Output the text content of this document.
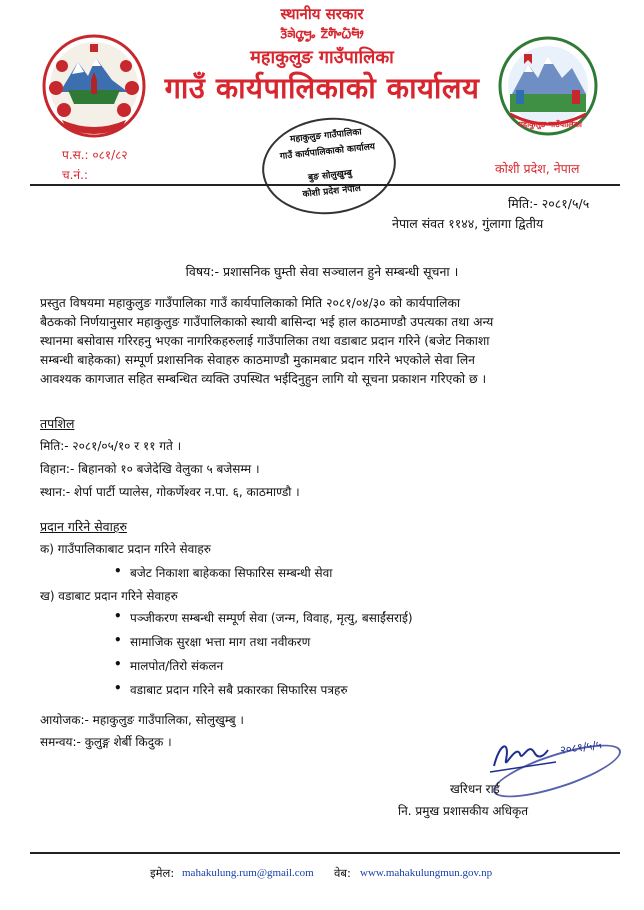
स्थानीय सरकार
ᤋᤠᤈᤧᤂᤢᤗᤢᤱ ᤁᤠᤛᤠᤴᤐᤠᤗᤥ
महाकुलुङ गाउँपालिका
गाउँ कार्यपालिकाको कार्यालय
महाकुलुङ गाउँपालिका
प.स.: ०८१/८२
च.नं.:	कोशी प्रदेश, नेपाल
महाकुलुङ गाउँपालिका
गाउँ कार्यपालिकाको कार्यालय
बुङ सोलुखुम्बु
कोशी प्रदेश नेपाल
मिति:- २०८१/५/५
नेपाल संवत ११४४, गुंलागा द्वितीय
विषय:- प्रशासनिक घुम्ती सेवा सञ्चालन हुने सम्बन्धी सूचना ।
प्रस्तुत विषयमा महाकुलुङ गाउँपालिका गाउँ कार्यपालिकाको मिति २०८१/०४/३० को कार्यपालिका
बैठकको निर्णयानुसार महाकुलुङ गाउँपालिकाको स्थायी बासिन्दा भई हाल काठमाण्डौ उपत्यका तथा अन्य
स्थानमा बसोवास गरिरहनु भएका नागरिकहरुलाई गाउँपालिका तथा वडाबाट प्रदान गरिने (बजेट निकाशा
सम्बन्धी बाहेकका) सम्पूर्ण प्रशासनिक सेवाहरु काठमाण्डौ मुकामबाट प्रदान गरिने भएकोले सेवा लिन
आवश्यक कागजात सहित सम्बन्धित व्यक्ति उपस्थित भईदिनुहुन लागि यो सूचना प्रकाशन गरिएको छ ।
तपशिल
मिति:- २०८१/०५/१० र ११ गते ।
विहान:- बिहानको १० बजेदेखि वेलुका ५ बजेसम्म ।
स्थान:- शेर्पा पार्टी प्यालेस, गोकर्णेश्वर न.पा. ६, काठमाण्डौ ।
प्रदान गरिने सेवाहरु
क) गाउँपालिकाबाट प्रदान गरिने सेवाहरु
• बजेट निकाशा बाहेकका सिफारिस सम्बन्धी सेवा
ख) वडाबाट प्रदान गरिने सेवाहरु
• पञ्जीकरण सम्बन्धी सम्पूर्ण सेवा (जन्म, विवाह, मृत्यु, बसाईंसराई)
• सामाजिक सुरक्षा भत्ता माग तथा नवीकरण
• मालपोत/तिरो संकलन
• वडाबाट प्रदान गरिने सबै प्रकारका सिफारिस पत्रहरु
आयोजक:- महाकुलुङ गाउँपालिका, सोलुखुम्बु ।
समन्वय:- कुलुङ्ग शेर्बी किदुक ।	२०८१/५/५
खरिधन राई
नि. प्रमुख प्रशासकीय अधिकृत
इमेल: mahakulung.rum@gmail.com वेब: www.mahakulungmun.gov.np
